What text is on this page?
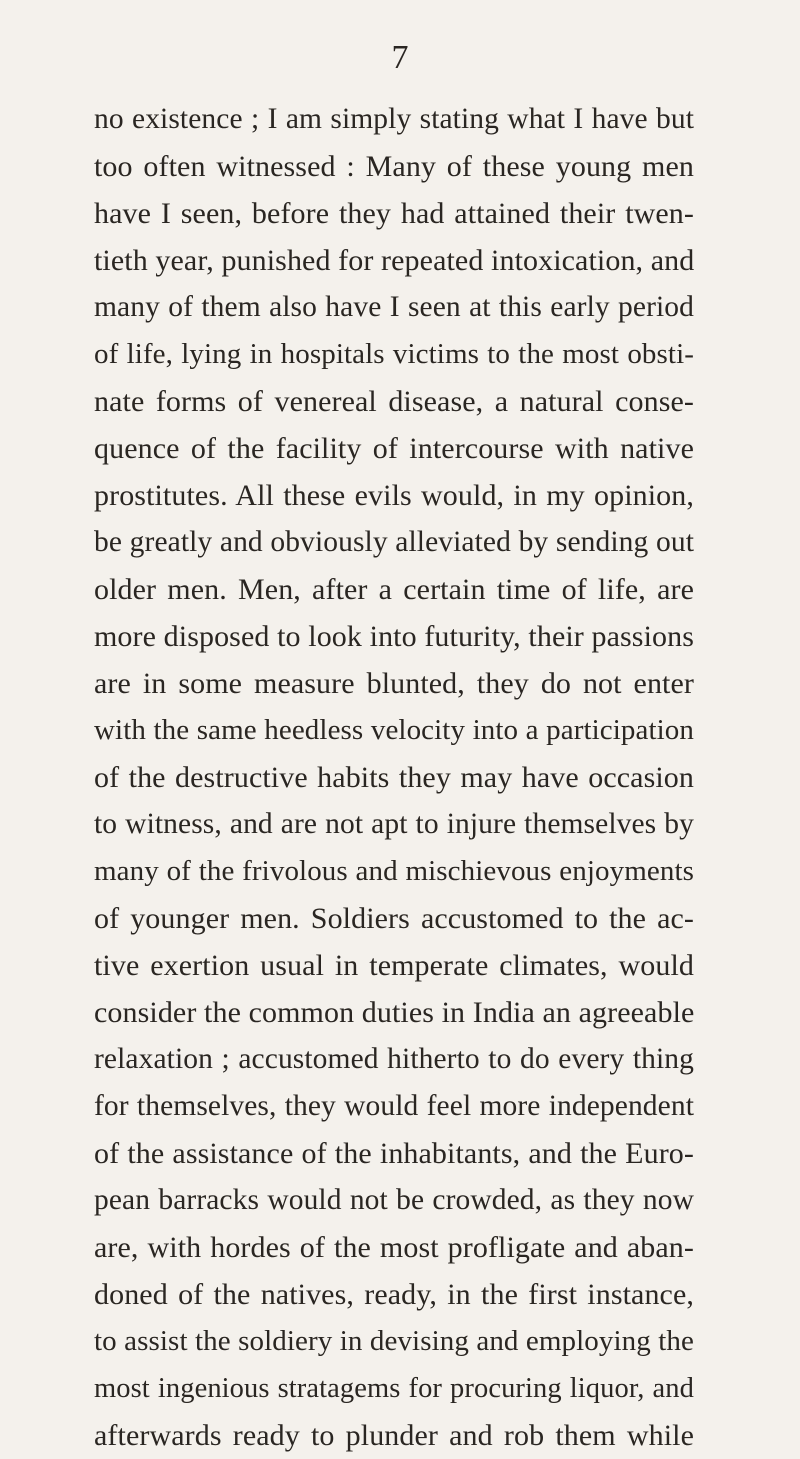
7
no existence ; I am simply stating what I have but
too often witnessed : Many of these young men
have I seen, before they had attained their twen-
tieth year, punished for repeated intoxication, and
many of them also have I seen at this early period
of life, lying in hospitals victims to the most obsti-
nate forms of venereal disease, a natural conse-
quence of the facility of intercourse with native
prostitutes. All these evils would, in my opinion,
be greatly and obviously alleviated by sending out
older men. Men, after a certain time of life, are
more disposed to look into futurity, their passions
are in some measure blunted, they do not enter
with the same heedless velocity into a participation
of the destructive habits they may have occasion
to witness, and are not apt to injure themselves by
many of the frivolous and mischievous enjoyments
of younger men. Soldiers accustomed to the ac-
tive exertion usual in temperate climates, would
consider the common duties in India an agreeable
relaxation ; accustomed hitherto to do every thing
for themselves, they would feel more independent
of the assistance of the inhabitants, and the Euro-
pean barracks would not be crowded, as they now
are, with hordes of the most profligate and aban-
doned of the natives, ready, in the first instance,
to assist the soldiery in devising and employing the
most ingenious stratagems for procuring liquor, and
afterwards ready to plunder and rob them while
